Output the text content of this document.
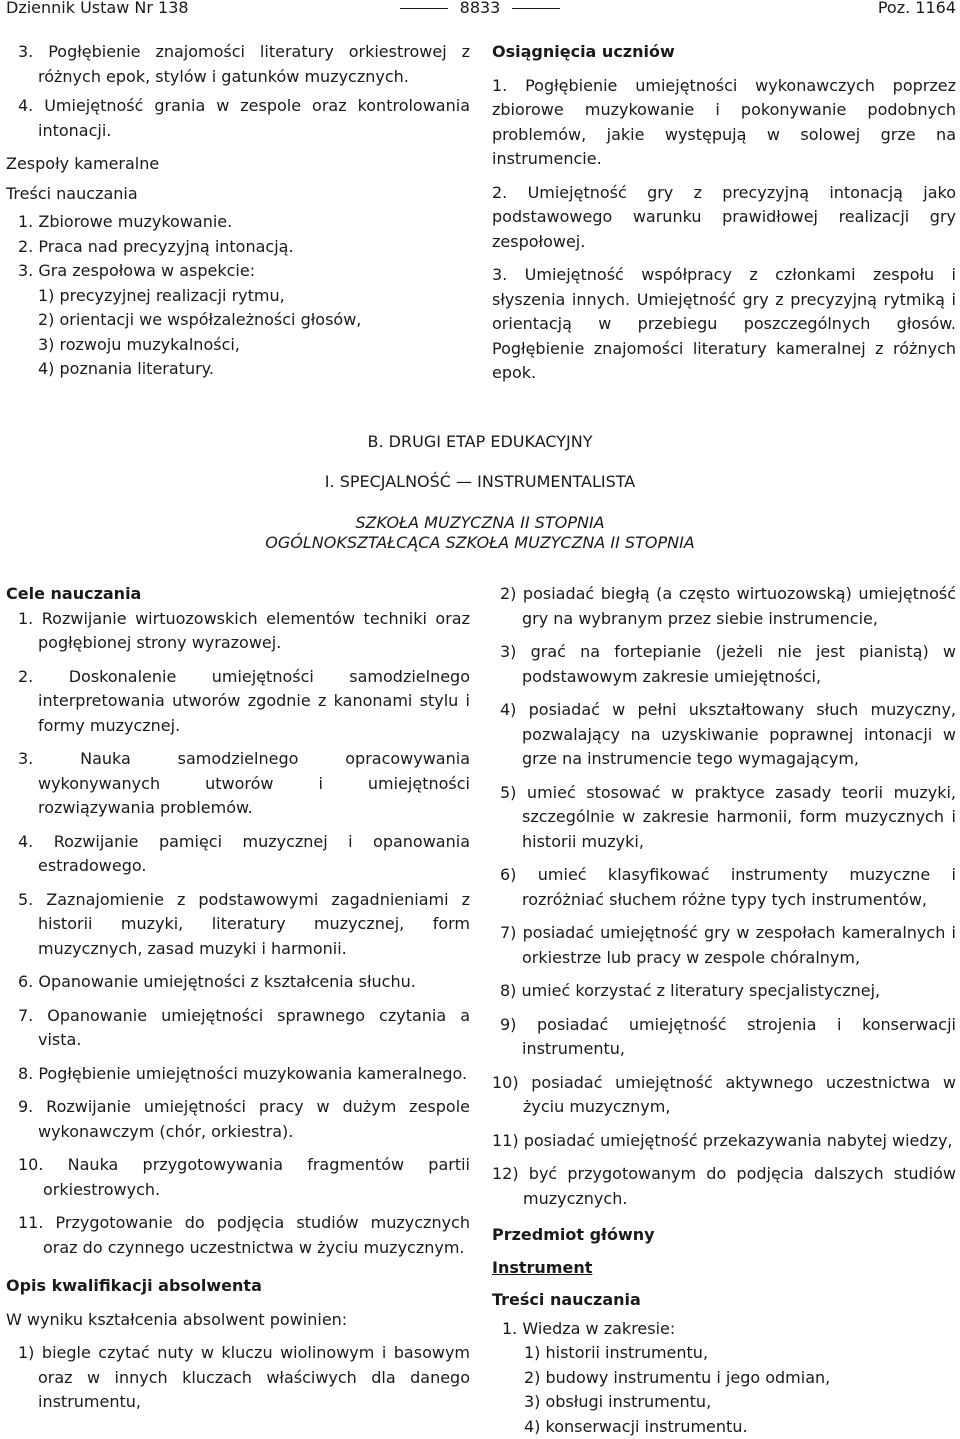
Dziennik Ustaw Nr 138	8833	Poz. 1164

3. Pogłębienie znajomości literatury orkiestrowej z różnych epok, stylów i gatunków muzycznych.

4. Umiejętność grania w zespole oraz kontrolowania intonacji.

Zespoły kameralne

Treści nauczania

1. Zbiorowe muzykowanie.

2. Praca nad precyzyjną intonacją.

3. Gra zespołowa w aspekcie:

1) precyzyjnej realizacji rytmu,

2) orientacji we współzależności głosów,

3) rozwoju muzykalności,

4) poznania literatury.

Osiągnięcia uczniów

1. Pogłębienie umiejętności wykonawczych poprzez zbiorowe muzykowanie i pokonywanie podobnych problemów, jakie występują w solowej grze na instrumencie.

2. Umiejętność gry z precyzyjną intonacją jako podstawowego warunku prawidłowej realizacji gry zespołowej.

3. Umiejętność współpracy z członkami zespołu i słyszenia innych. Umiejętność gry z precyzyjną rytmiką i orientacją w przebiegu poszczególnych głosów. Pogłębienie znajomości literatury kameralnej z różnych epok.

B. DRUGI ETAP EDUKACYJNY
I. SPECJALNOŚĆ — INSTRUMENTALISTA
SZKOŁA MUZYCZNA II STOPNIA
OGÓLNOKSZTAŁCĄCA SZKOŁA MUZYCZNA II STOPNIA

Cele nauczania

1. Rozwijanie wirtuozowskich elementów techniki oraz pogłębionej strony wyrazowej.

2. Doskonalenie umiejętności samodzielnego interpretowania utworów zgodnie z kanonami stylu i formy muzycznej.

3. Nauka samodzielnego opracowywania wykonywanych utworów i umiejętności rozwiązywania problemów.

4. Rozwijanie pamięci muzycznej i opanowania estradowego.

5. Zaznajomienie z podstawowymi zagadnieniami z historii muzyki, literatury muzycznej, form muzycznych, zasad muzyki i harmonii.

6. Opanowanie umiejętności z kształcenia słuchu.

7. Opanowanie umiejętności sprawnego czytania a vista.

8. Pogłębienie umiejętności muzykowania kameralnego.

9. Rozwijanie umiejętności pracy w dużym zespole wykonawczym (chór, orkiestra).

10. Nauka przygotowywania fragmentów partii orkiestrowych.

11. Przygotowanie do podjęcia studiów muzycznych oraz do czynnego uczestnictwa w życiu muzycznym.

Opis kwalifikacji absolwenta

W wyniku kształcenia absolwent powinien:

1) biegle czytać nuty w kluczu wiolinowym i basowym oraz w innych kluczach właściwych dla danego instrumentu,

2) posiadać biegłą (a często wirtuozowską) umiejętność gry na wybranym przez siebie instrumencie,

3) grać na fortepianie (jeżeli nie jest pianistą) w podstawowym zakresie umiejętności,

4) posiadać w pełni ukształtowany słuch muzyczny, pozwalający na uzyskiwanie poprawnej intonacji w grze na instrumencie tego wymagającym,

5) umieć stosować w praktyce zasady teorii muzyki, szczególnie w zakresie harmonii, form muzycznych i historii muzyki,

6) umieć klasyfikować instrumenty muzyczne i rozróżniać słuchem różne typy tych instrumentów,

7) posiadać umiejętność gry w zespołach kameralnych i orkiestrze lub pracy w zespole chóralnym,

8) umieć korzystać z literatury specjalistycznej,

9) posiadać umiejętność strojenia i konserwacji instrumentu,

10) posiadać umiejętność aktywnego uczestnictwa w życiu muzycznym,

11) posiadać umiejętność przekazywania nabytej wiedzy,

12) być przygotowanym do podjęcia dalszych studiów muzycznych.

Przedmiot główny

Instrument

Treści nauczania

1. Wiedza w zakresie:

1) historii instrumentu,

2) budowy instrumentu i jego odmian,

3) obsługi instrumentu,

4) konserwacji instrumentu.
